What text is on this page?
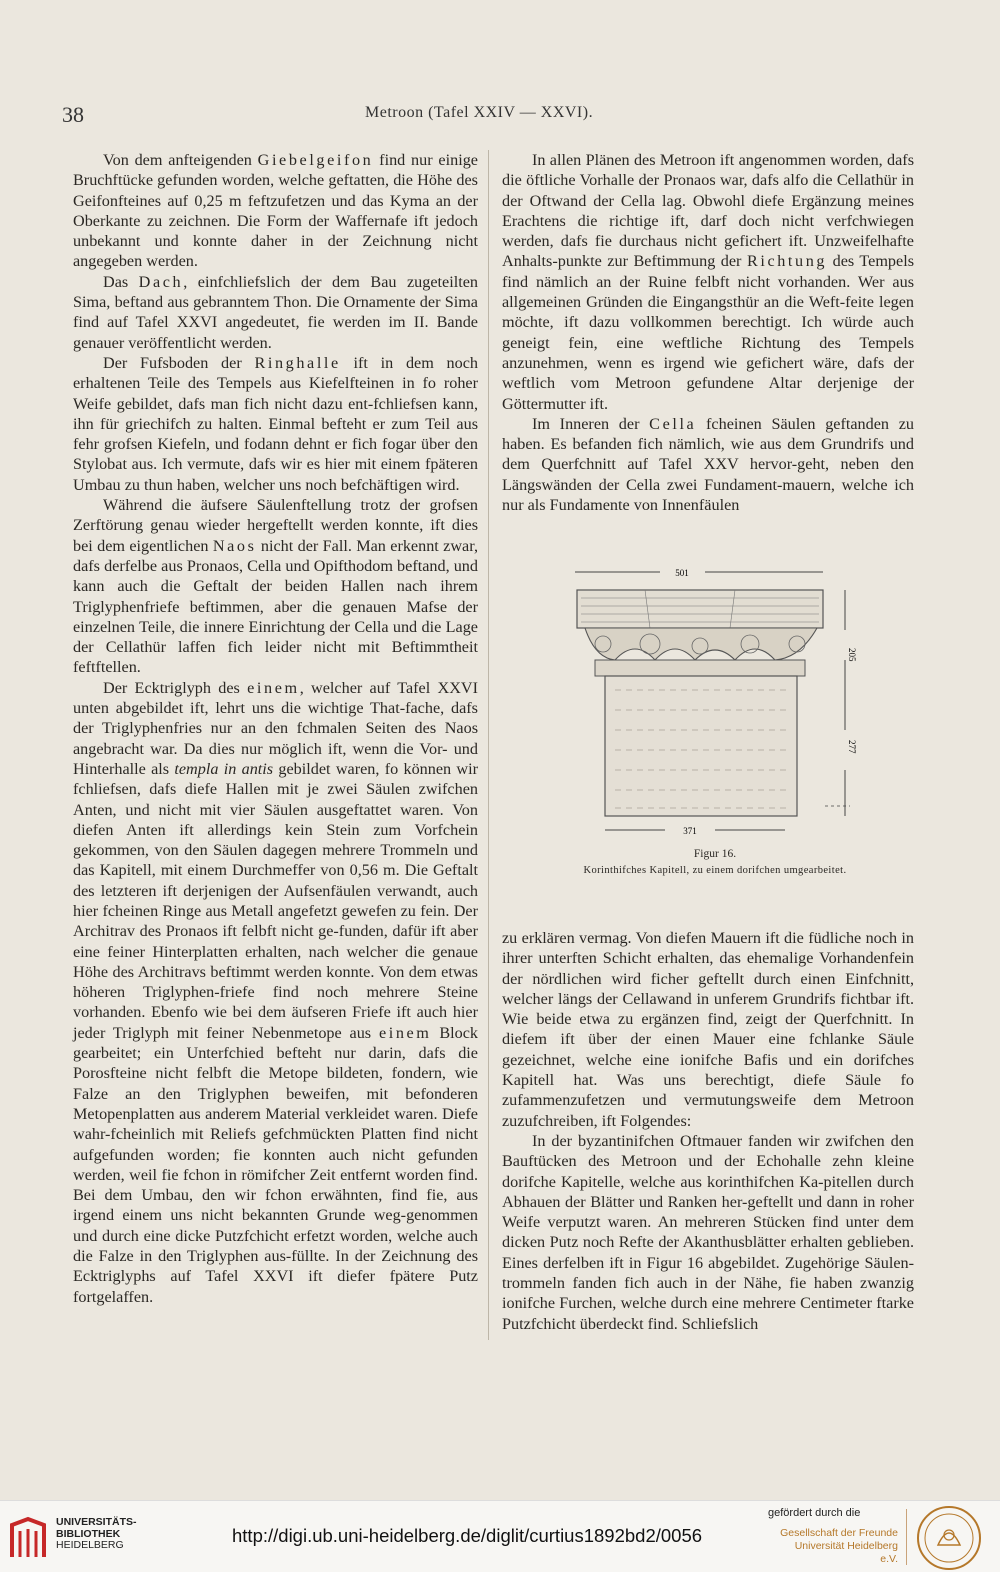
38	Metroon (Tafel XXIV — XXVI).

Von dem anfteigenden Giebelgeifon find nur einige Bruchftücke gefunden worden, welche geftatten, die Höhe des Geifonfteines auf 0,25 m feftzufetzen und das Kyma an der Oberkante zu zeichnen. Die Form der Waffernafe ift jedoch unbekannt und konnte daher in der Zeichnung nicht angegeben werden.

Das Dach, einfchliefslich der dem Bau zugeteilten Sima, beftand aus gebranntem Thon. Die Ornamente der Sima find auf Tafel XXVI angedeutet, fie werden im II. Bande genauer veröffentlicht werden.

Der Fufsboden der Ringhalle ift in dem noch erhaltenen Teile des Tempels aus Kiefelfteinen in fo roher Weife gebildet, dafs man fich nicht dazu ent-fchliefsen kann, ihn für griechifch zu halten. Einmal befteht er zum Teil aus fehr grofsen Kiefeln, und fodann dehnt er fich fogar über den Stylobat aus. Ich vermute, dafs wir es hier mit einem fpäteren Umbau zu thun haben, welcher uns noch befchäftigen wird.

Während die äufsere Säulenftellung trotz der grofsen Zerftörung genau wieder hergeftellt werden konnte, ift dies bei dem eigentlichen Naos nicht der Fall. Man erkennt zwar, dafs derfelbe aus Pronaos, Cella und Opifthodom beftand, und kann auch die Geftalt der beiden Hallen nach ihrem Triglyphenfriefe beftimmen, aber die genauen Mafse der einzelnen Teile, die innere Einrichtung der Cella und die Lage der Cellathür laffen fich leider nicht mit Beftimmtheit feftftellen.

Der Ecktriglyph des einem, welcher auf Tafel XXVI unten abgebildet ift, lehrt uns die wichtige That-fache, dafs der Triglyphenfries nur an den fchmalen Seiten des Naos angebracht war. Da dies nur möglich ift, wenn die Vor- und Hinterhalle als templa in antis gebildet waren, fo können wir fchliefsen, dafs diefe Hallen mit je zwei Säulen zwifchen Anten, und nicht mit vier Säulen ausgeftattet waren. Von diefen Anten ift allerdings kein Stein zum Vorfchein gekommen, von den Säulen dagegen mehrere Trommeln und das Kapitell, mit einem Durchmeffer von 0,56 m. Die Geftalt des letzteren ift derjenigen der Aufsenfäulen verwandt, auch hier fcheinen Ringe aus Metall angefetzt gewefen zu fein. Der Architrav des Pronaos ift felbft nicht ge-funden, dafür ift aber eine feiner Hinterplatten erhalten, nach welcher die genaue Höhe des Architravs beftimmt werden konnte. Von dem etwas höheren Triglyphen-friefe find noch mehrere Steine vorhanden. Ebenfo wie bei dem äufseren Friefe ift auch hier jeder Triglyph mit feiner Nebenmetope aus einem Block gearbeitet; ein Unterfchied befteht nur darin, dafs die Porosfteine nicht felbft die Metope bildeten, fondern, wie Falze an den Triglyphen beweifen, mit befonderen Metopenplatten aus anderem Material verkleidet waren. Diefe wahr-fcheinlich mit Reliefs gefchmückten Platten find nicht aufgefunden worden; fie konnten auch nicht gefunden werden, weil fie fchon in römifcher Zeit entfernt worden find. Bei dem Umbau, den wir fchon erwähnten, find fie, aus irgend einem uns nicht bekannten Grunde weg-genommen und durch eine dicke Putzfchicht erfetzt worden, welche auch die Falze in den Triglyphen aus-füllte. In der Zeichnung des Ecktriglyphs auf Tafel XXVI ift diefer fpätere Putz fortgelaffen.

In allen Plänen des Metroon ift angenommen worden, dafs die öftliche Vorhalle der Pronaos war, dafs alfo die Cellathür in der Oftwand der Cella lag. Obwohl diefe Ergänzung meines Erachtens die richtige ift, darf doch nicht verfchwiegen werden, dafs fie durchaus nicht gefichert ift. Unzweifelhafte Anhalts-punkte zur Beftimmung der Richtung des Tempels find nämlich an der Ruine felbft nicht vorhanden. Wer aus allgemeinen Gründen die Eingangsthür an die Weft-feite legen möchte, ift dazu vollkommen berechtigt. Ich würde auch geneigt fein, eine weftliche Richtung des Tempels anzunehmen, wenn es irgend wie gefichert wäre, dafs der weftlich vom Metroon gefundene Altar derjenige der Göttermutter ift.

Im Inneren der Cella fcheinen Säulen geftanden zu haben. Es befanden fich nämlich, wie aus dem Grundrifs und dem Querfchnitt auf Tafel XXV hervor-geht, neben den Längswänden der Cella zwei Fundament-mauern, welche ich nur als Fundamente von Innenfäulen

501
205
277
371
Figur 16.
Korinthifches Kapitell, zu einem dorifchen umgearbeitet.

zu erklären vermag. Von diefen Mauern ift die füdliche noch in ihrer unterften Schicht erhalten, das ehemalige Vorhandenfein der nördlichen wird ficher geftellt durch einen Einfchnitt, welcher längs der Cellawand in unferem Grundrifs fichtbar ift. Wie beide etwa zu ergänzen find, zeigt der Querfchnitt. In diefem ift über der einen Mauer eine fchlanke Säule gezeichnet, welche eine ionifche Bafis und ein dorifches Kapitell hat. Was uns berechtigt, diefe Säule fo zufammenzufetzen und vermutungsweife dem Metroon zuzufchreiben, ift Folgendes:

In der byzantinifchen Oftmauer fanden wir zwifchen den Bauftücken des Metroon und der Echohalle zehn kleine dorifche Kapitelle, welche aus korinthifchen Ka-pitellen durch Abhauen der Blätter und Ranken her-geftellt und dann in roher Weife verputzt waren. An mehreren Stücken find unter dem dicken Putz noch Refte der Akanthusblätter erhalten geblieben. Eines derfelben ift in Figur 16 abgebildet. Zugehörige Säulen-trommeln fanden fich auch in der Nähe, fie haben zwanzig ionifche Furchen, welche durch eine mehrere Centimeter ftarke Putzfchicht überdeckt find. Schliefslich

UNIVERSITÄTS-
BIBLIOTHEK
HEIDELBERG	http://digi.ub.uni-heidelberg.de/diglit/curtius1892bd2/0056
gefördert durch die
Gesellschaft der Freunde
Universität Heidelberg e.V.
